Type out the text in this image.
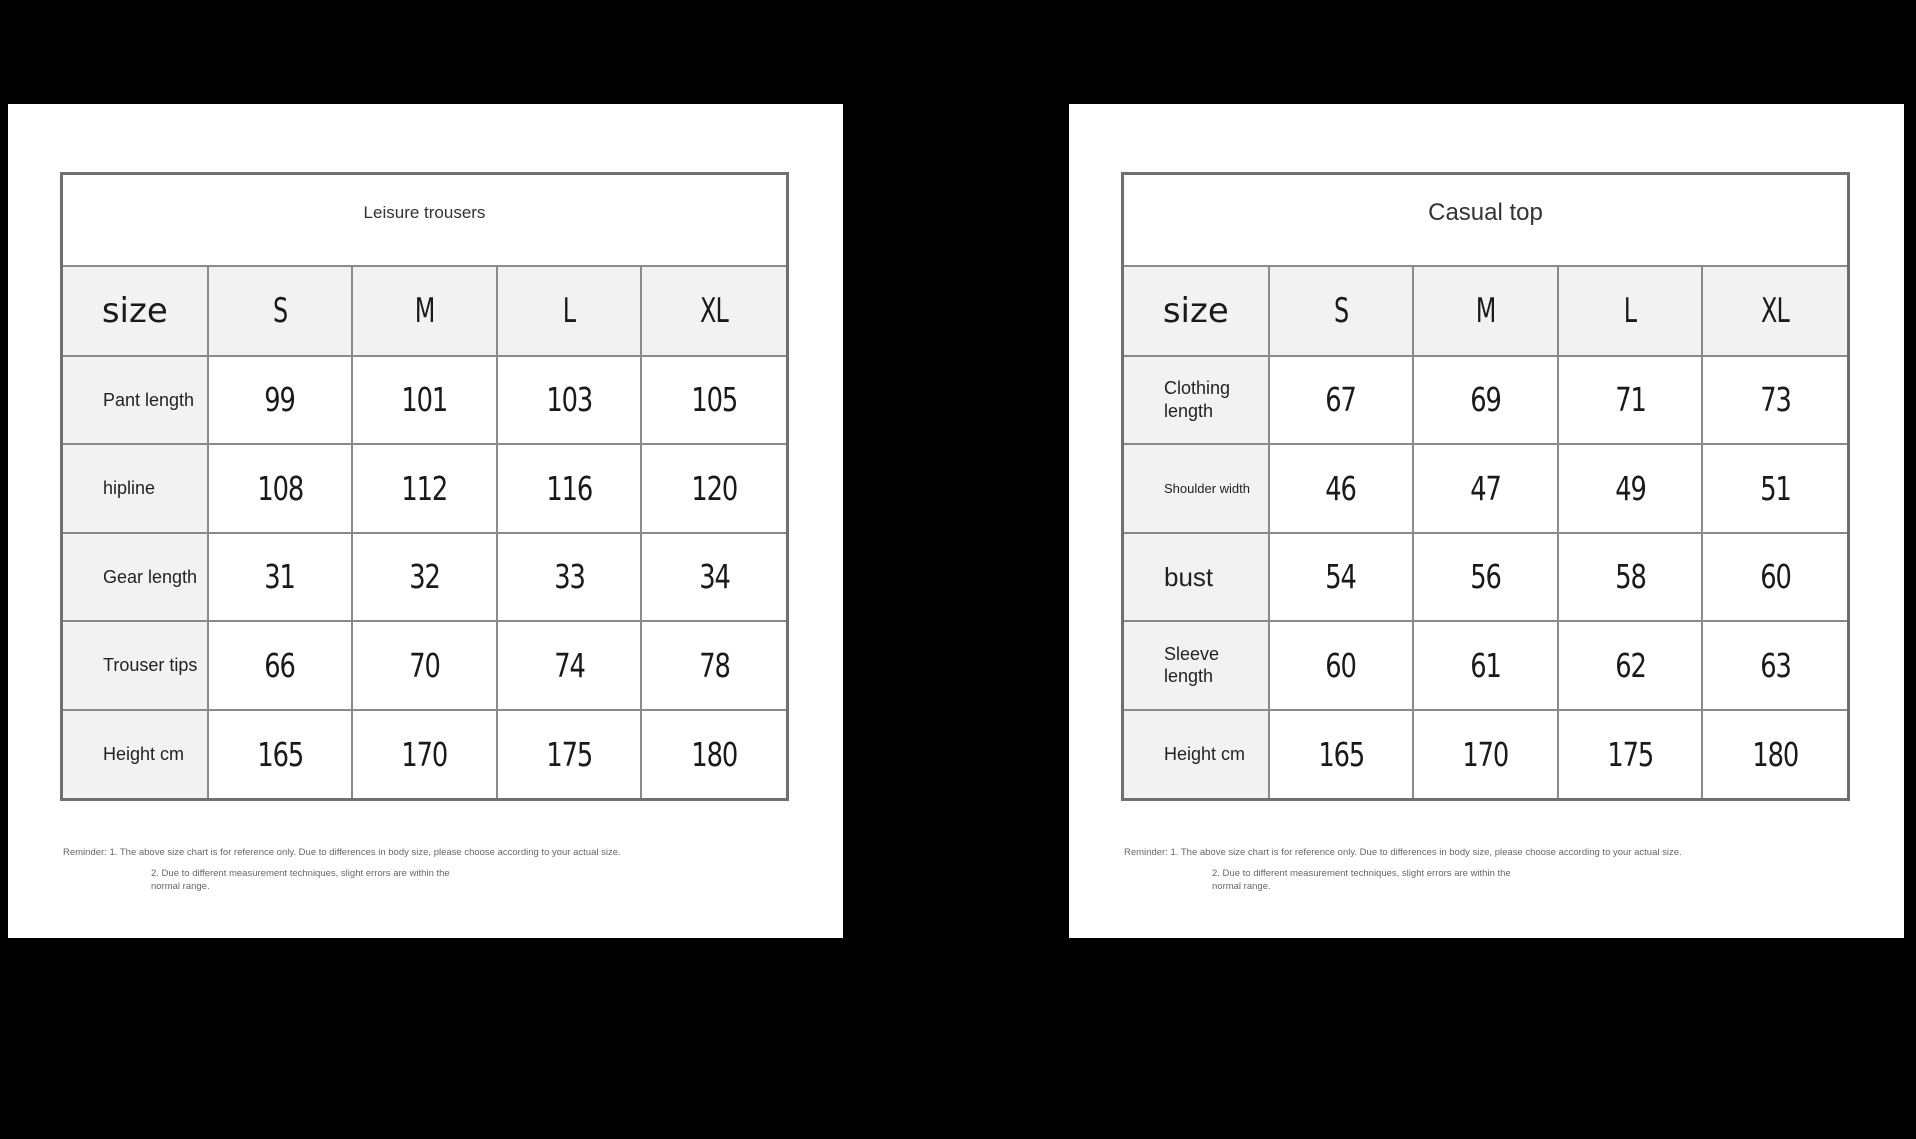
Leisure trousers
size	S	M	L	XL
Pant length	99	101	103	105
hipline	108	112	116	120
Gear length	31	32	33	34
Trouser tips	66	70	74	78
Height cm	165	170	175	180
Reminder: 1. The above size chart is for reference only. Due to differences in body size, please choose according to your actual size.
2. Due to different measurement techniques, slight errors are within the normal range.
Casual top
size	S	M	L	XL
Clothing length	67	69	71	73
Shoulder width	46	47	49	51
bust	54	56	58	60
Sleeve length	60	61	62	63
Height cm	165	170	175	180
Reminder: 1. The above size chart is for reference only. Due to differences in body size, please choose according to your actual size.
2. Due to different measurement techniques, slight errors are within the normal range.
